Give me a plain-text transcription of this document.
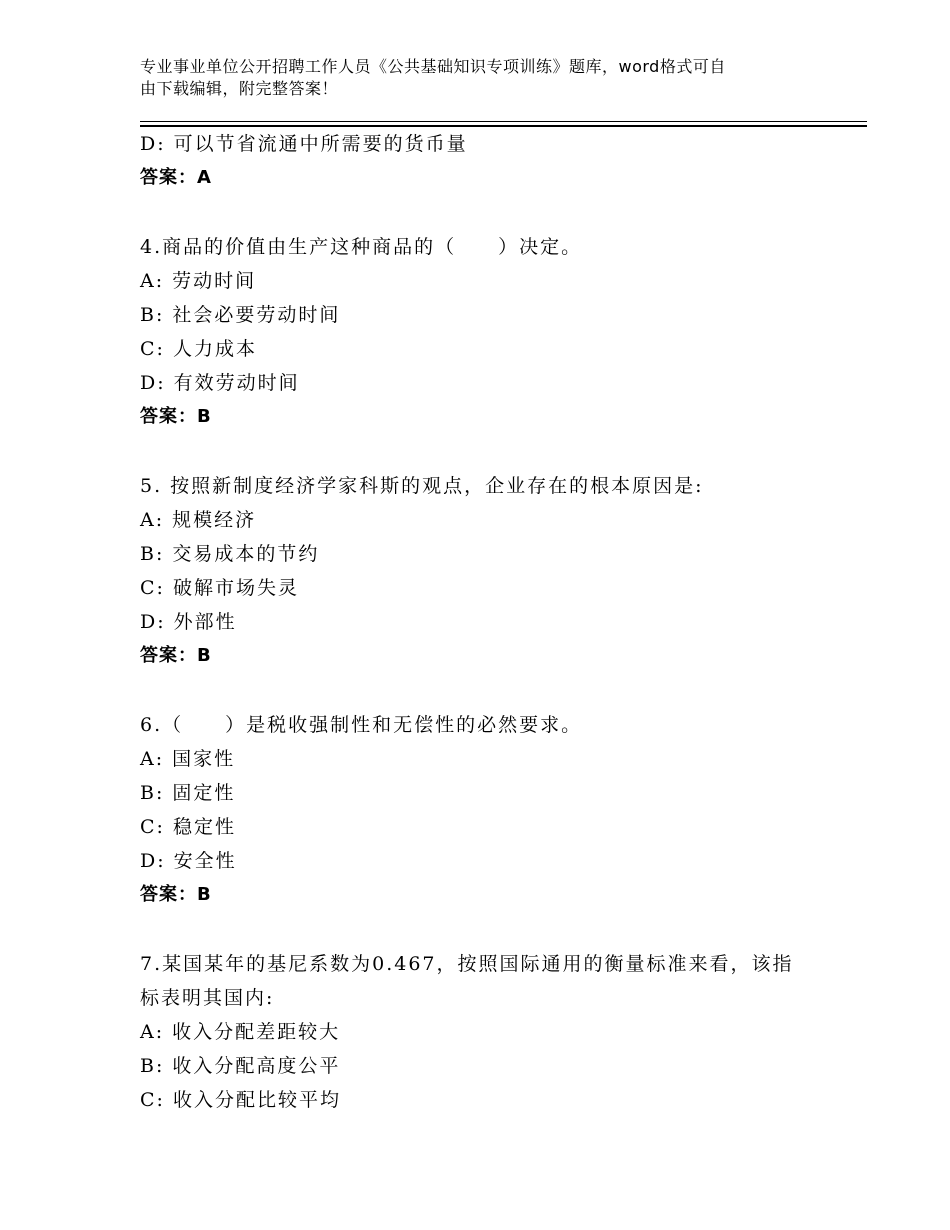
专业事业单位公开招聘工作人员《公共基础知识专项训练》题库，word格式可自
由下载编辑，附完整答案！
D: 可以节省流通中所需要的货币量
答案：A
4.商品的价值由生产这种商品的（　　）决定。
A: 劳动时间
B: 社会必要劳动时间
C: 人力成本
D: 有效劳动时间
答案：B
5. 按照新制度经济学家科斯的观点，企业存在的根本原因是:
A: 规模经济
B: 交易成本的节约
C: 破解市场失灵
D: 外部性
答案：B
6.（　　）是税收强制性和无偿性的必然要求。
A: 国家性
B: 固定性
C: 稳定性
D: 安全性
答案：B
7.某国某年的基尼系数为0.467，按照国际通用的衡量标准来看，该指
标表明其国内:
A: 收入分配差距较大
B: 收入分配高度公平
C: 收入分配比较平均
